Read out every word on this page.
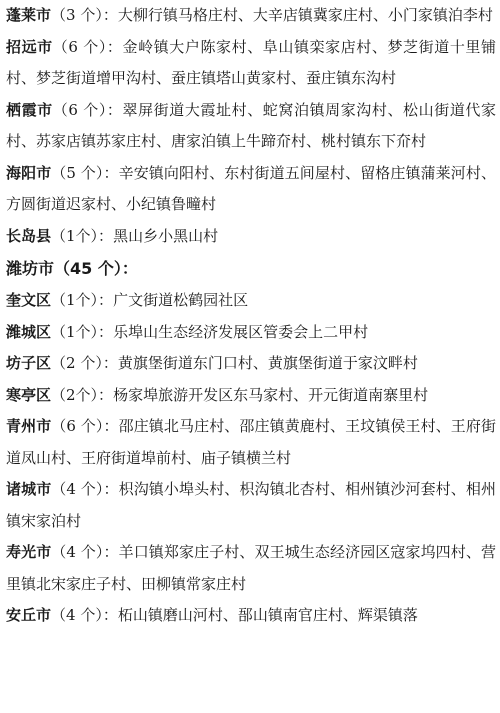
蓬莱市（3 个）：大柳行镇马格庄村、大辛店镇冀家庄村、小门家镇泊李村

招远市（6 个）：金岭镇大户陈家村、阜山镇栾家店村、梦芝街道十里铺村、梦芝街道增甲沟村、蚕庄镇塔山黄家村、蚕庄镇东沟村

栖霞市（6 个）：翠屏街道大霞址村、蛇窝泊镇周家沟村、松山街道代家村、苏家店镇苏家庄村、唐家泊镇上牛蹄夼村、桃村镇东下夼村

海阳市（5 个）：辛安镇向阳村、东村街道五间屋村、留格庄镇蒲莱河村、方圆街道迟家村、小纪镇鲁疃村

长岛县（1个）：黑山乡小黑山村

潍坊市（45 个）：

奎文区（1个）：广文街道松鹤园社区

潍城区（1个）：乐埠山生态经济发展区管委会上二甲村

坊子区（2 个）：黄旗堡街道东门口村、黄旗堡街道于家汶畔村

寒亭区（2个）：杨家埠旅游开发区东马家村、开元街道南寨里村

青州市（6 个）：邵庄镇北马庄村、邵庄镇黄鹿村、王坟镇侯王村、王府街道凤山村、王府街道埠前村、庙子镇横兰村

诸城市（4 个）：枳沟镇小埠头村、枳沟镇北杏村、相州镇沙河套村、相州镇宋家泊村

寿光市（4 个）：羊口镇郑家庄子村、双王城生态经济园区寇家坞四村、营里镇北宋家庄子村、田柳镇常家庄村

安丘市（4 个）：柘山镇磨山河村、郚山镇南官庄村、辉渠镇落
